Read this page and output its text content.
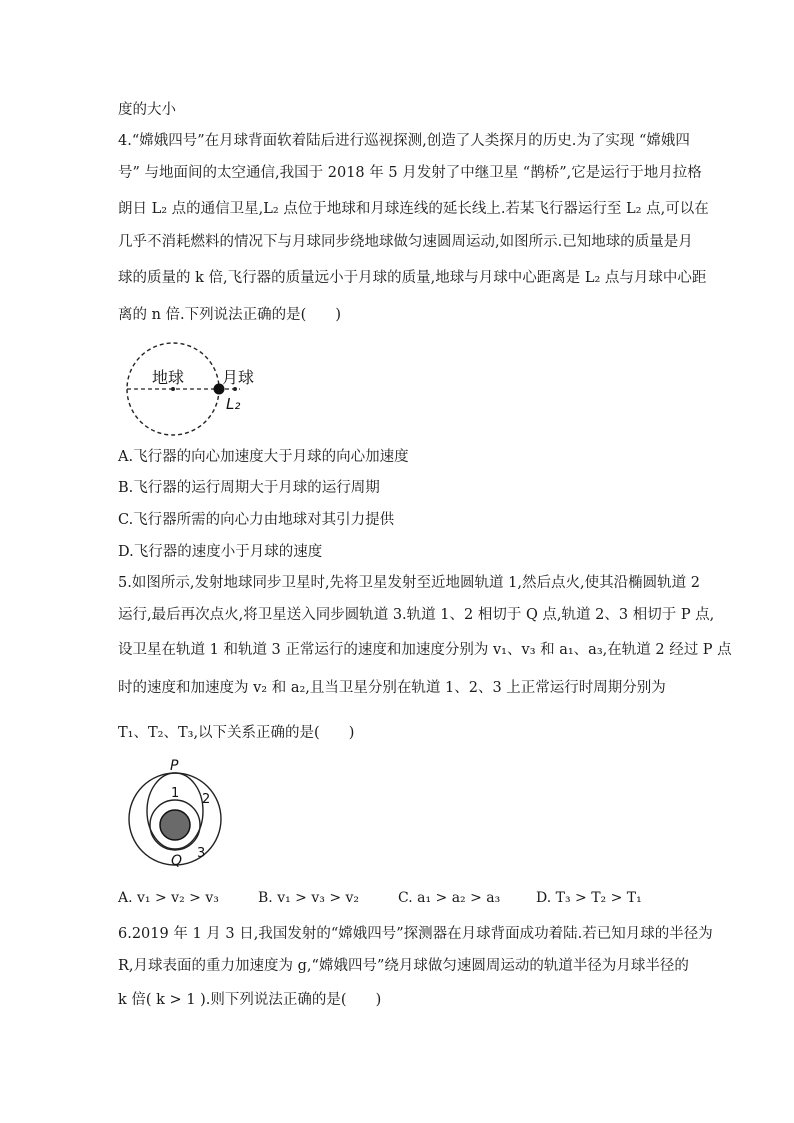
度的大小
4.“嫦娥四号”在月球背面软着陆后进行巡视探测,创造了人类探月的历史.为了实现 “嫦娥四
号” 与地面间的太空通信,我国于 2018 年 5 月发射了中继卫星 “鹊桥”,它是运行于地月拉格
朗日 L₂ 点的通信卫星,L₂ 点位于地球和月球连线的延长线上.若某飞行器运行至 L₂ 点,可以在
几乎不消耗燃料的情况下与月球同步绕地球做匀速圆周运动,如图所示.已知地球的质量是月
球的质量的 k 倍,飞行器的质量远小于月球的质量,地球与月球中心距离是 L₂ 点与月球中心距
离的 n 倍.下列说法正确的是(　　)
地球 月球
L₂
A.飞行器的向心加速度大于月球的向心加速度
B.飞行器的运行周期大于月球的运行周期
C.飞行器所需的向心力由地球对其引力提供
D.飞行器的速度小于月球的速度
5.如图所示,发射地球同步卫星时,先将卫星发射至近地圆轨道 1,然后点火,使其沿椭圆轨道 2
运行,最后再次点火,将卫星送入同步圆轨道 3.轨道 1、2 相切于 Q 点,轨道 2、3 相切于 P 点,
设卫星在轨道 1 和轨道 3 正常运行的速度和加速度分别为 v₁、v₃ 和 a₁、a₃,在轨道 2 经过 P 点
时的速度和加速度为 v₂ 和 a₂,且当卫星分别在轨道 1、2、3 上正常运行时周期分别为
T₁、T₂、T₃,以下关系正确的是(　　)
P
Q
1 2
3
A. v₁ > v₂ > v₃	B. v₁ > v₃ > v₂	C. a₁ > a₂ > a₃	D. T₃ > T₂ > T₁
6.2019 年 1 月 3 日,我国发射的“嫦娥四号”探测器在月球背面成功着陆.若已知月球的半径为
R,月球表面的重力加速度为 g,“嫦娥四号”绕月球做匀速圆周运动的轨道半径为月球半径的
k 倍( k > 1 ).则下列说法正确的是(　　)
